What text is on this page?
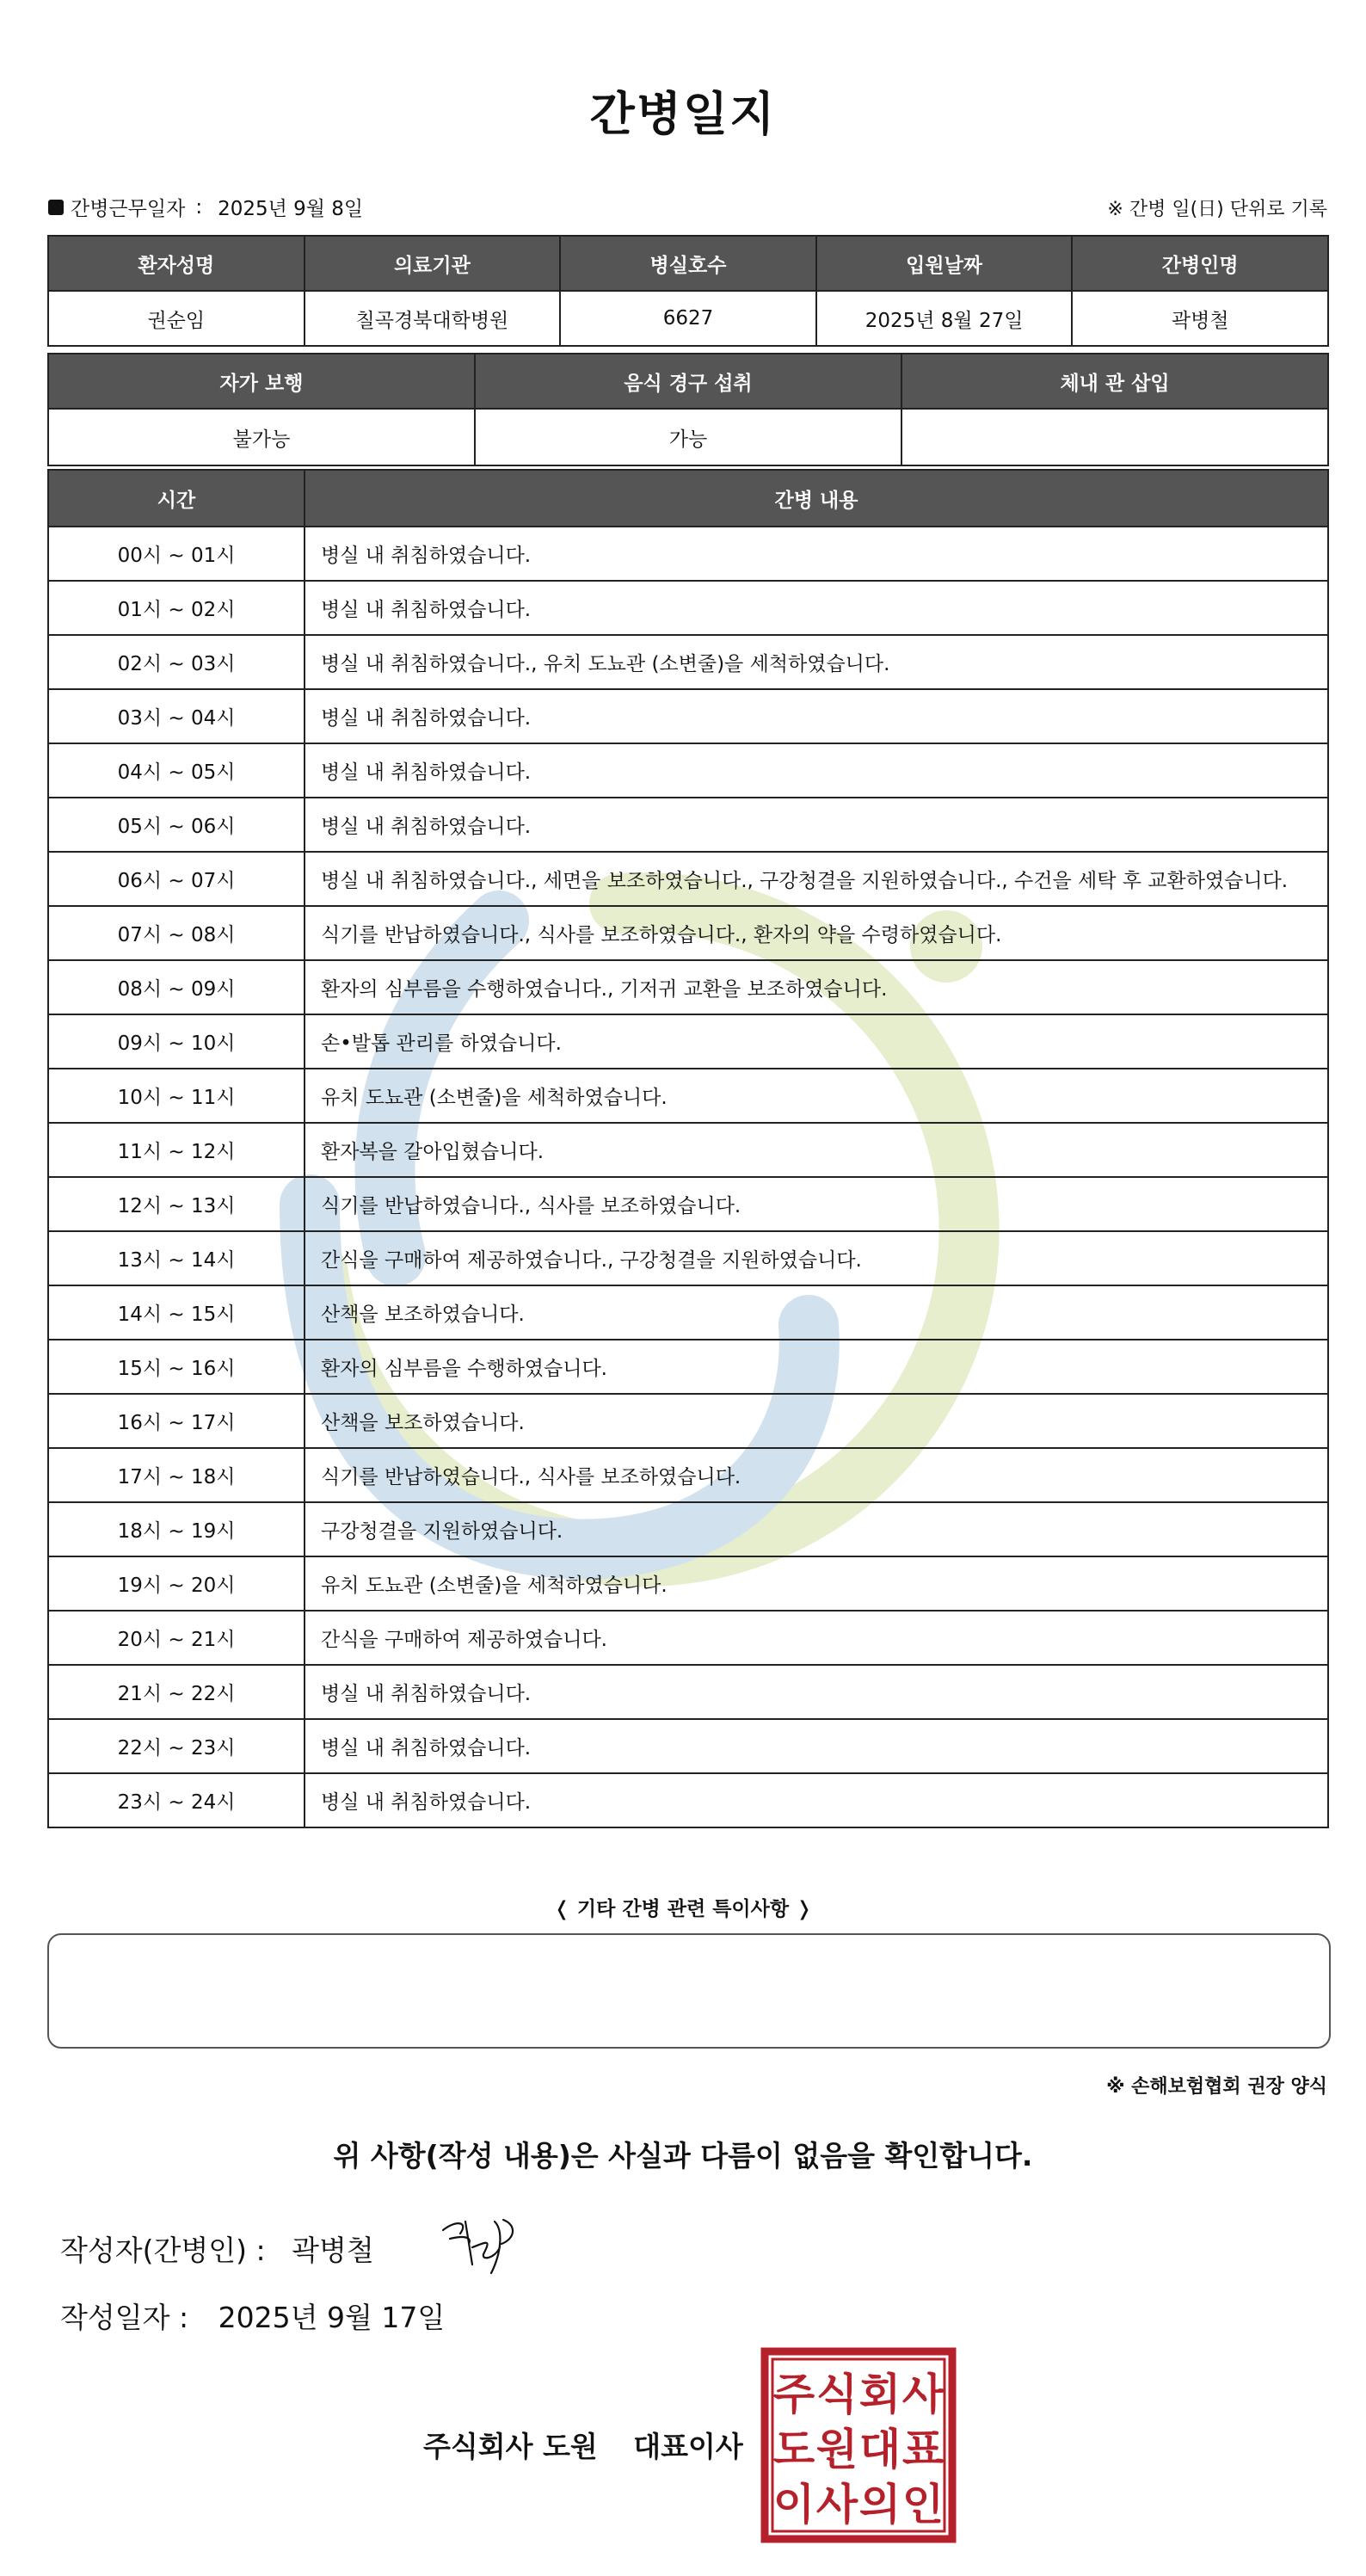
간병일지
간병근무일자 : 2025년 9월 8일	※ 간병 일(日) 단위로 기록
환자성명	의료기관	병실호수	입원날짜	간병인명
권순임	칠곡경북대학병원	6627	2025년 8월 27일	곽병철
자가 보행	음식 경구 섭취	체내 관 삽입
불가능	가능	
시간	간병 내용
00시 ~ 01시	병실 내 취침하였습니다.
01시 ~ 02시	병실 내 취침하였습니다.
02시 ~ 03시	병실 내 취침하였습니다., 유치 도뇨관 (소변줄)을 세척하였습니다.
03시 ~ 04시	병실 내 취침하였습니다.
04시 ~ 05시	병실 내 취침하였습니다.
05시 ~ 06시	병실 내 취침하였습니다.
06시 ~ 07시	병실 내 취침하였습니다., 세면을 보조하였습니다., 구강청결을 지원하였습니다., 수건을 세탁 후 교환하였습니다.
07시 ~ 08시	식기를 반납하였습니다., 식사를 보조하였습니다., 환자의 약을 수령하였습니다.
08시 ~ 09시	환자의 심부름을 수행하였습니다., 기저귀 교환을 보조하였습니다.
09시 ~ 10시	손•발톱 관리를 하였습니다.
10시 ~ 11시	유치 도뇨관 (소변줄)을 세척하였습니다.
11시 ~ 12시	환자복을 갈아입혔습니다.
12시 ~ 13시	식기를 반납하였습니다., 식사를 보조하였습니다.
13시 ~ 14시	간식을 구매하여 제공하였습니다., 구강청결을 지원하였습니다.
14시 ~ 15시	산책을 보조하였습니다.
15시 ~ 16시	환자의 심부름을 수행하였습니다.
16시 ~ 17시	산책을 보조하였습니다.
17시 ~ 18시	식기를 반납하였습니다., 식사를 보조하였습니다.
18시 ~ 19시	구강청결을 지원하였습니다.
19시 ~ 20시	유치 도뇨관 (소변줄)을 세척하였습니다.
20시 ~ 21시	간식을 구매하여 제공하였습니다.
21시 ~ 22시	병실 내 취침하였습니다.
22시 ~ 23시	병실 내 취침하였습니다.
23시 ~ 24시	병실 내 취침하였습니다.
❬ 기타 간병 관련 특이사항 ❭
※ 손해보험협회 권장 양식
위 사항(작성 내용)은 사실과 다름이 없음을 확인합니다.
작성자(간병인) : 곽병철
작성일자 : 2025년 9월 17일
주식회사 도원 대표이사
주 식 회 사
도 원 대 표
이 사 의 인
